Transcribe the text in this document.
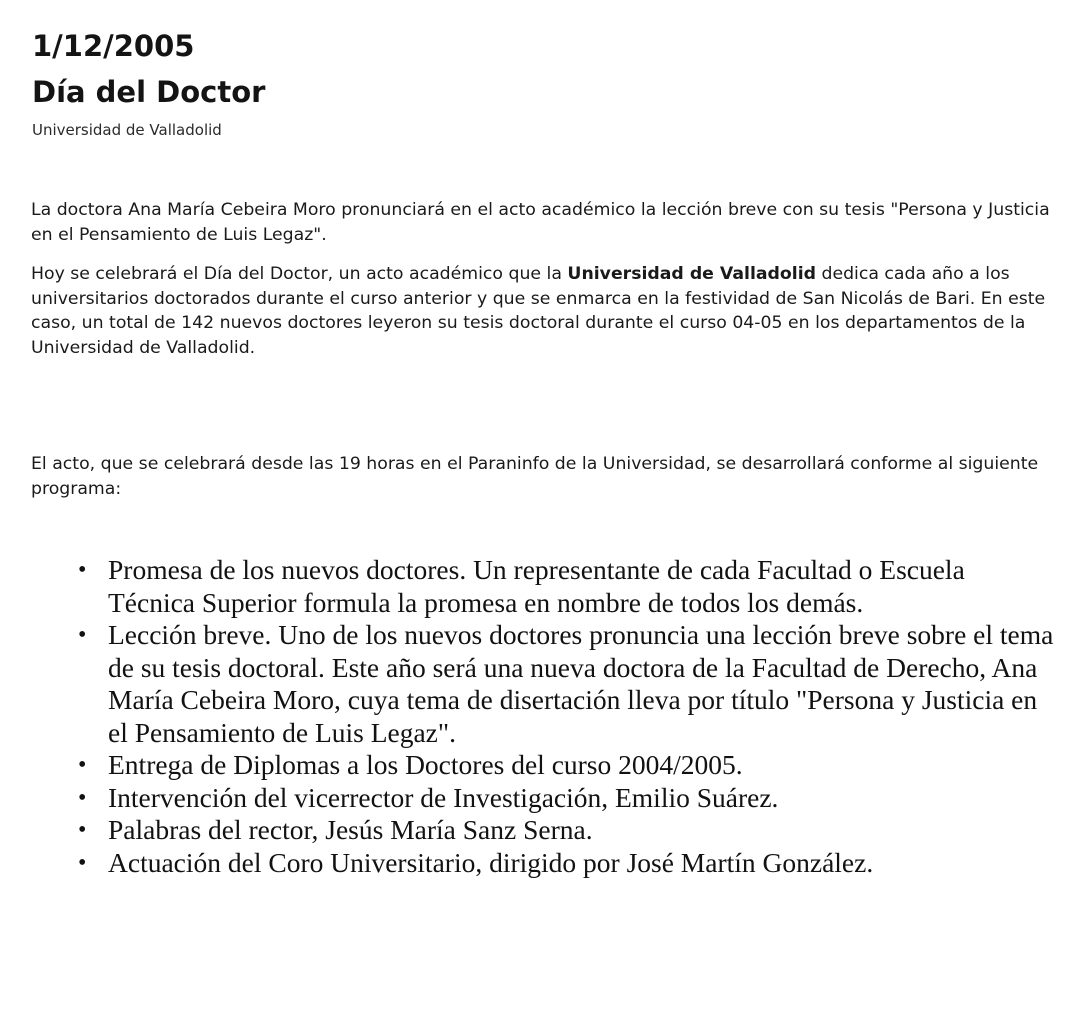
1/12/2005
Día del Doctor
Universidad de Valladolid

La doctora Ana María Cebeira Moro pronunciará en el acto académico la lección breve con su tesis "Persona y Justicia en el Pensamiento de Luis Legaz".

Hoy se celebrará el Día del Doctor, un acto académico que la Universidad de Valladolid dedica cada año a los universitarios doctorados durante el curso anterior y que se enmarca en la festividad de San Nicolás de Bari. En este caso, un total de 142 nuevos doctores leyeron su tesis doctoral durante el curso 04-05 en los departamentos de la Universidad de Valladolid.

El acto, que se celebrará desde las 19 horas en el Paraninfo de la Universidad, se desarrollará conforme al siguiente programa:

• Promesa de los nuevos doctores. Un representante de cada Facultad o Escuela Técnica Superior formula la promesa en nombre de todos los demás.
• Lección breve. Uno de los nuevos doctores pronuncia una lección breve sobre el tema de su tesis doctoral. Este año será una nueva doctora de la Facultad de Derecho, Ana María Cebeira Moro, cuya tema de disertación lleva por título "Persona y Justicia en el Pensamiento de Luis Legaz".
• Entrega de Diplomas a los Doctores del curso 2004/2005.
• Intervención del vicerrector de Investigación, Emilio Suárez.
• Palabras del rector, Jesús María Sanz Serna.
• Actuación del Coro Universitario, dirigido por José Martín González.
